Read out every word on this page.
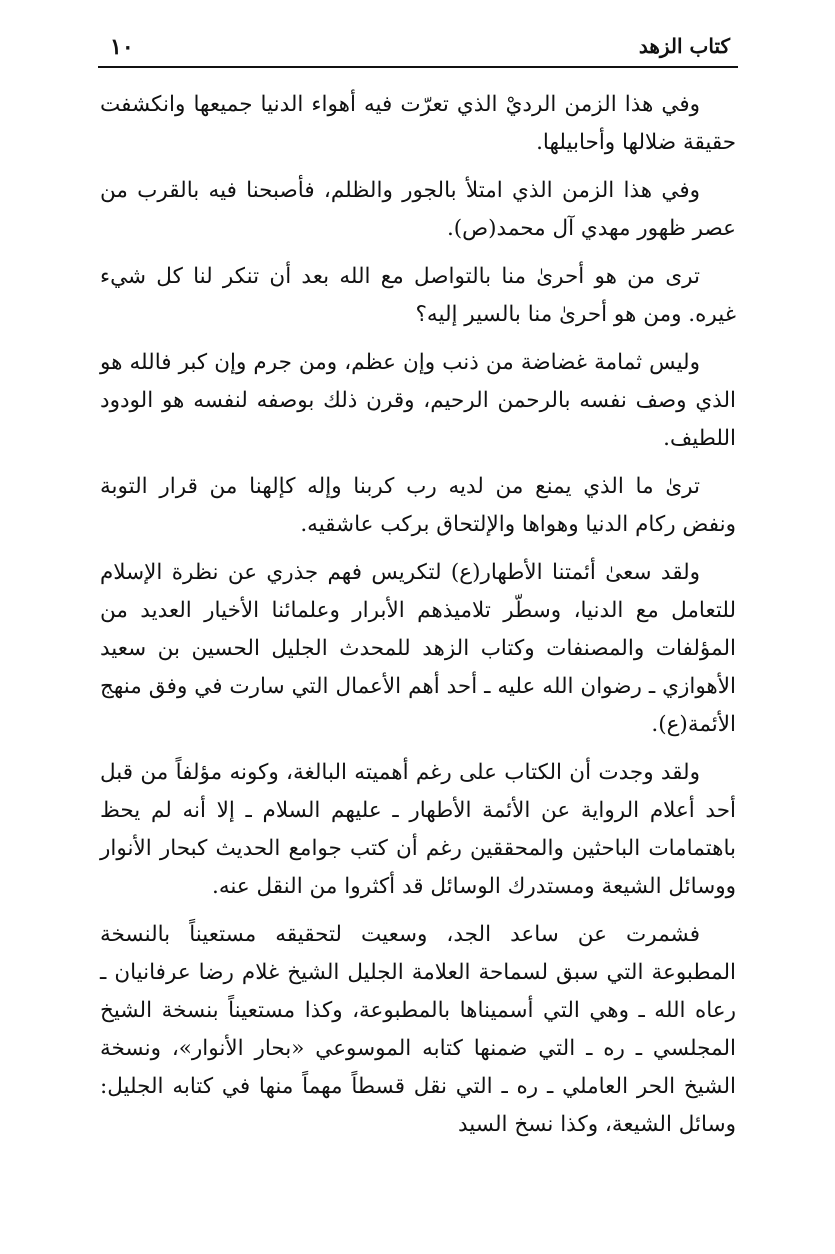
١٠	كتاب الزهد

وفي هذا الزمن الرديْ الذي تعرّت فيه أهواء الدنيا جميعها وانكشفت حقيقة ضلالها وأحابيلها.

وفي هذا الزمن الذي امتلأ بالجور والظلم، فأصبحنا فيه بالقرب من عصر ظهور مهدي آل محمد(ص).

ترى من هو أحرىٰ منا بالتواصل مع الله بعد أن تنكر لنا كل شيء غيره. ومن هو أحرىٰ منا بالسير إليه؟

وليس ثمامة غضاضة من ذنب وإن عظم، ومن جرم وإن كبر فالله هو الذي وصف نفسه بالرحمن الرحيم، وقرن ذلك بوصفه لنفسه هو الودود اللطيف.

ترىٰ ما الذي يمنع من لديه رب كربنا وإله كإلهنا من قرار التوبة ونفض ركام الدنيا وهواها والإلتحاق بركب عاشقيه.

ولقد سعىٰ أئمتنا الأطهار(ع) لتكريس فهم جذري عن نظرة الإسلام للتعامل مع الدنيا، وسطّر تلاميذهم الأبرار وعلمائنا الأخيار العديد من المؤلفات والمصنفات وكتاب الزهد للمحدث الجليل الحسين بن سعيد الأهوازي ـ رضوان الله عليه ـ أحد أهم الأعمال التي سارت في وفق منهج الأئمة(ع).

ولقد وجدت أن الكتاب على رغم أهميته البالغة، وكونه مؤلفاً من قبل أحد أعلام الرواية عن الأئمة الأطهار ـ عليهم السلام ـ إلا أنه لم يحظ باهتمامات الباحثين والمحققين رغم أن كتب جوامع الحديث كبحار الأنوار ووسائل الشيعة ومستدرك الوسائل قد أكثروا من النقل عنه.

فشمرت عن ساعد الجد، وسعيت لتحقيقه مستعيناً بالنسخة المطبوعة التي سبق لسماحة العلامة الجليل الشيخ غلام رضا عرفانيان ـ رعاه الله ـ وهي التي أسميناها بالمطبوعة، وكذا مستعيناً بنسخة الشيخ المجلسي ـ ره ـ التي ضمنها كتابه الموسوعي «بحار الأنوار»، ونسخة الشيخ الحر العاملي ـ ره ـ التي نقل قسطاً مهماً منها في كتابه الجليل: وسائل الشيعة، وكذا نسخ السيد
